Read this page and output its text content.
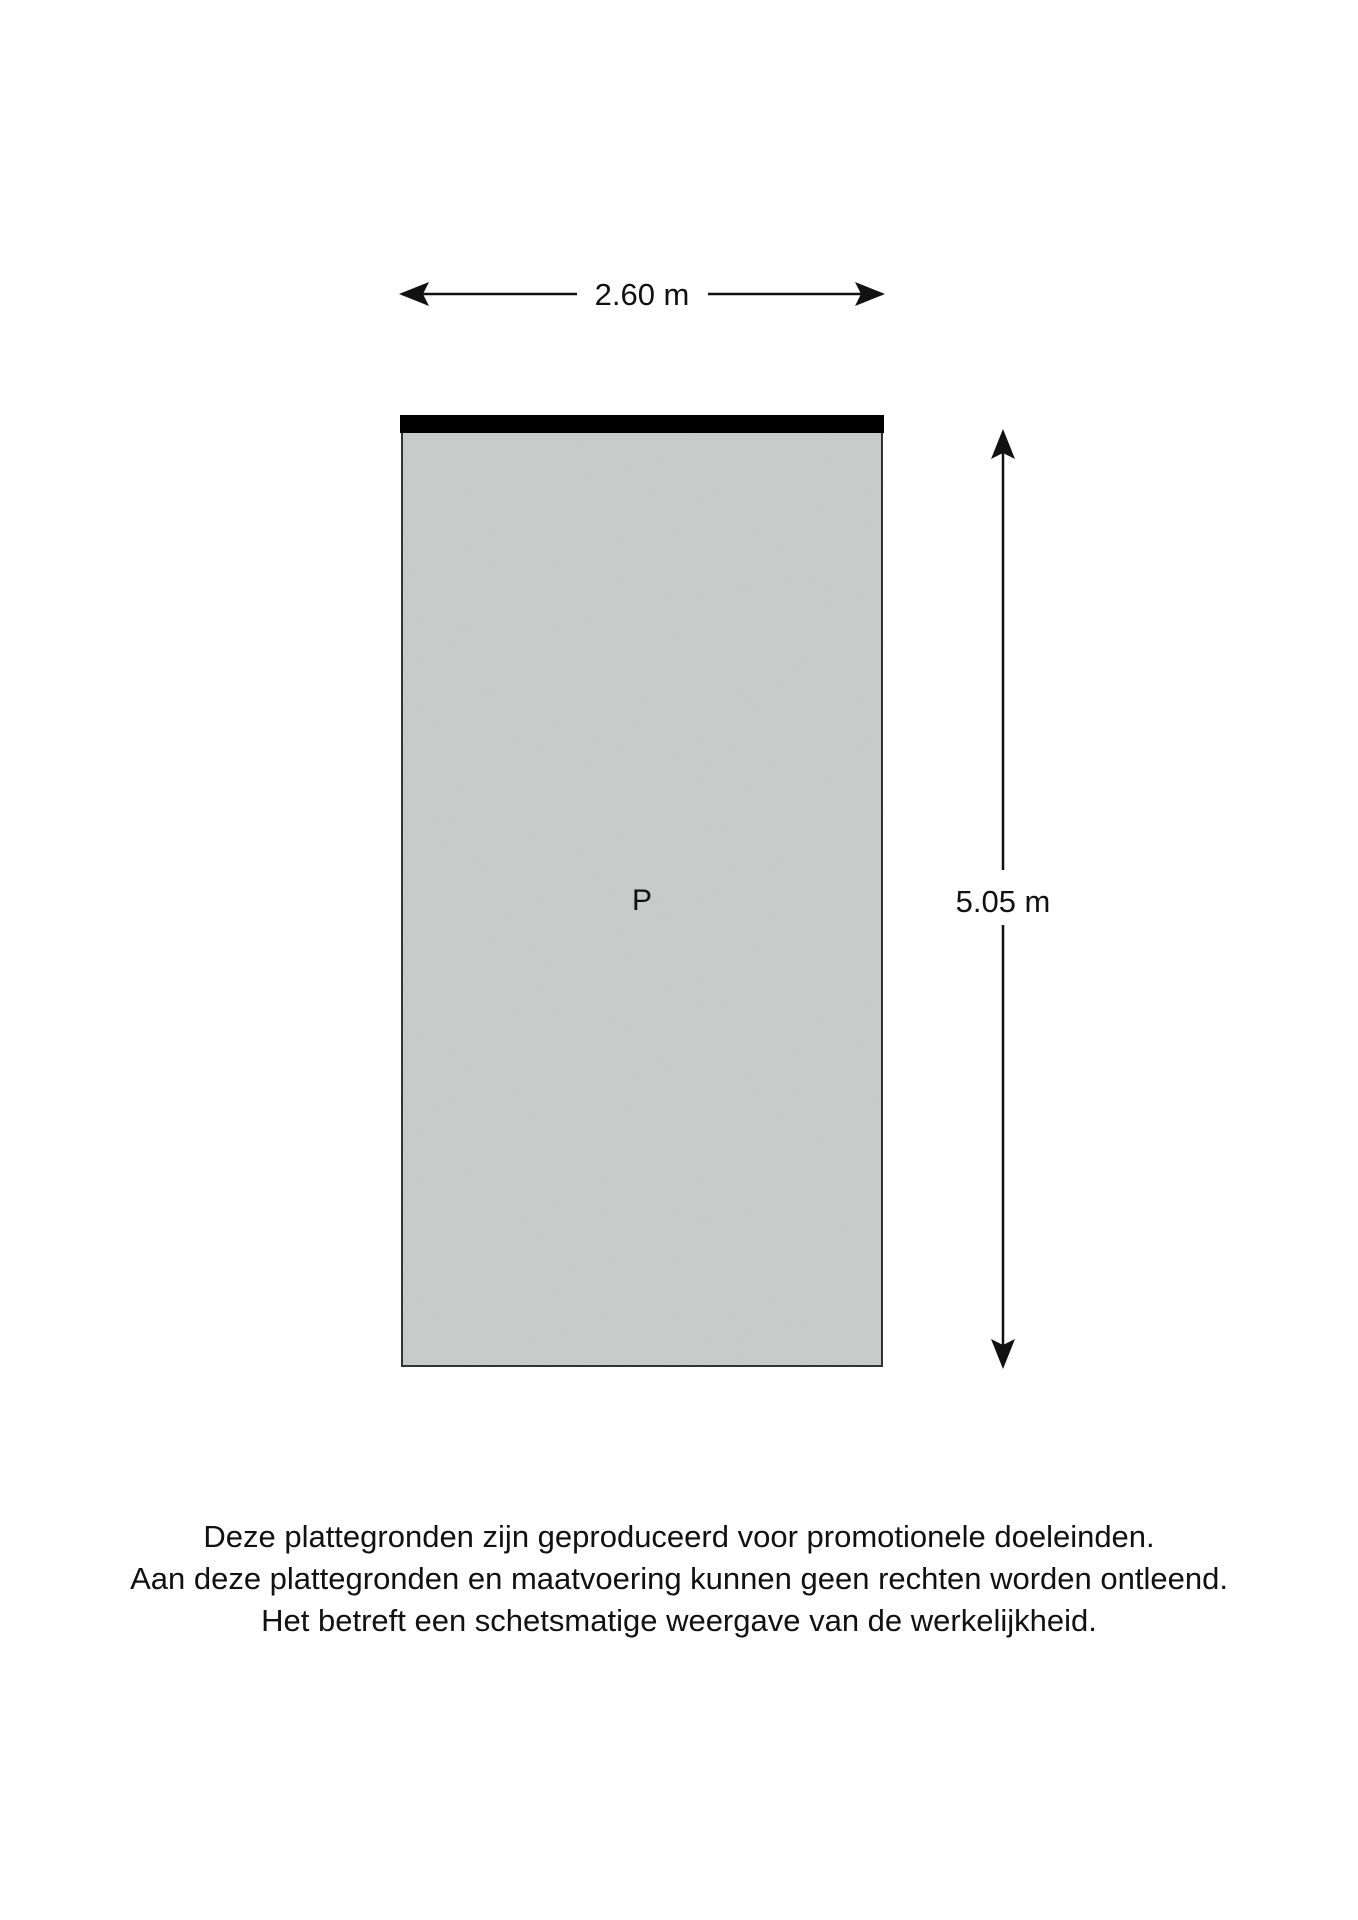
2.60 m
P	5.05 m
Deze plattegronden zijn geproduceerd voor promotionele doeleinden.
Aan deze plattegronden en maatvoering kunnen geen rechten worden ontleend.
Het betreft een schetsmatige weergave van de werkelijkheid.
